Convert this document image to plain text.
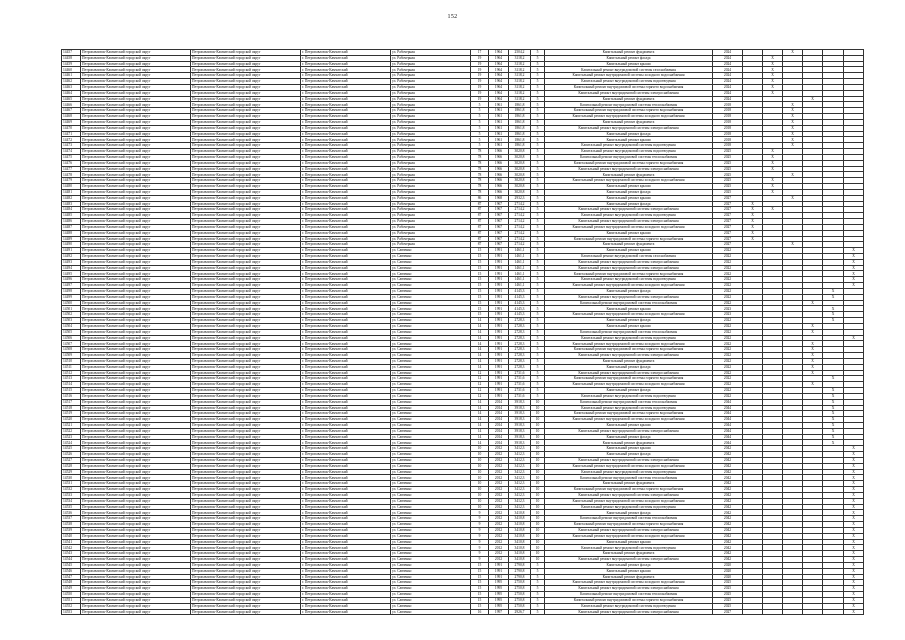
152
14457	Петропавловск-Камчатский городской округ	Петропавловск-Камчатский городской округ	г. Петропавловск-Камчатский	ул. Рабочерная	17	1964	2504,2	5	Капитальный ремонт фундамента	2024			X			
14458	Петропавловск-Камчатский городской округ	Петропавловск-Камчатский городской округ	г. Петропавловск-Камчатский	ул. Рабочерная	19	1964	3118,2	5	Капитальный ремонт фасада	2024		X				
14459	Петропавловск-Камчатский городской округ	Петропавловск-Камчатский городской округ	г. Петропавловск-Камчатский	ул. Рабочерная	19	1964	3118,2	5	Капитальный ремонт крыши	2024		X				
14460	Петропавловск-Камчатский городской округ	Петропавловск-Камчатский городской округ	г. Петропавловск-Камчатский	ул. Рабочерная	19	1964	3118,2	5	Капитальный ремонт внутридомовой системы газоснабжения	2024		X				
14461	Петропавловск-Камчатский городской округ	Петропавловск-Камчатский городской округ	г. Петропавловск-Камчатский	ул. Рабочерная	19	1964	3118,2	5	Капитальный ремонт внутридомовой системы холодного водоснабжения	2024		X				
14462	Петропавловск-Камчатский городской округ	Петропавловск-Камчатский городской округ	г. Петропавловск-Камчатский	ул. Рабочерная	19	1964	3118,2	5	Капитальный ремонт внутридомовой системы водоотведения	2024		X				
14463	Петропавловск-Камчатский городской округ	Петропавловск-Камчатский городской округ	г. Петропавловск-Камчатский	ул. Рабочерная	19	1964	3118,2	5	Капитальный ремонт внутридомовой системы горячего водоснабжения	2024		X				
14464	Петропавловск-Камчатский городской округ	Петропавловск-Камчатский городской округ	г. Петропавловск-Камчатский	ул. Рабочерная	19	1964	3118,2	5	Капитальный ремонт внутридомовой системы электроснабжения	2024		X				
14465	Петропавловск-Камчатский городской округ	Петропавловск-Камчатский городской округ	г. Петропавловск-Камчатский	ул. Рабочерная	19	1964	3118,2	5	Капитальный ремонт фундамента	2024				X		
14466	Петропавловск-Камчатский городской округ	Петропавловск-Камчатский городской округ	г. Петропавловск-Камчатский	ул. Рабочерная	5	1961	1861,8	5	Капитальный ремонт внутридомовой системы теплоснабжения	2018			X			
14467	Петропавловск-Камчатский городской округ	Петропавловск-Камчатский городской округ	г. Петропавловск-Камчатский	ул. Рабочерная	5	1961	1861,8	5	Капитальный ремонт внутридомовой системы горячего водоснабжения	2018			X			
14468	Петропавловск-Камчатский городской округ	Петропавловск-Камчатский городской округ	г. Петропавловск-Камчатский	ул. Рабочерная	5	1961	1861,8	5	Капитальный ремонт внутридомовой системы холодного водоснабжения	2018			X			
14469	Петропавловск-Камчатский городской округ	Петропавловск-Камчатский городской округ	г. Петропавловск-Камчатский	ул. Рабочерная	5	1961	1861,8	5	Капитальный ремонт фундамента	2018			X			
14470	Петропавловск-Камчатский городской округ	Петропавловск-Камчатский городской округ	г. Петропавловск-Камчатский	ул. Рабочерная	5	1961	1861,8	5	Капитальный ремонт внутридомовой системы электроснабжения	2018			X			
14471	Петропавловск-Камчатский городской округ	Петропавловск-Камчатский городской округ	г. Петропавловск-Камчатский	ул. Рабочерная	5	1961	1861,8	5	Капитальный ремонт фасада	2018			X			
14472	Петропавловск-Камчатский городской округ	Петропавловск-Камчатский городской округ	г. Петропавловск-Камчатский	ул. Рабочерная	5	1961	1861,8	5	Капитальный ремонт крыши	2018			X			
14473	Петропавловск-Камчатский городской округ	Петропавловск-Камчатский городской округ	г. Петропавловск-Камчатский	ул. Рабочерная	5	1961	1861,8	5	Капитальный ремонт внутридомовой системы водоотведения	2018			X			
14474	Петропавловск-Камчатский городской округ	Петропавловск-Камчатский городской округ	г. Петропавловск-Камчатский	ул. Рабочерная	78	1966	3020,8	5	Капитальный ремонт внутридомовой системы водоотведения	2025		X				
14475	Петропавловск-Камчатский городской округ	Петропавловск-Камчатский городской округ	г. Петропавловск-Камчатский	ул. Рабочерная	78	1966	3020,8	5	Капитальный ремонт внутридомовой системы теплоснабжения	2025		X				
14476	Петропавловск-Камчатский городской округ	Петропавловск-Камчатский городской округ	г. Петропавловск-Камчатский	ул. Рабочерная	78	1966	3020,8	5	Капитальный ремонт внутридомовой системы горячего водоснабжения	2025		X				
14477	Петропавловск-Камчатский городской округ	Петропавловск-Камчатский городской округ	г. Петропавловск-Камчатский	ул. Рабочерная	78	1966	3020,8	5	Капитальный ремонт внутридомовой системы электроснабжения	2025		X				
14478	Петропавловск-Камчатский городской округ	Петропавловск-Камчатский городской округ	г. Петропавловск-Камчатский	ул. Рабочерная	78	1966	3020,8	5	Капитальный ремонт фундамента	2025			X			
14479	Петропавловск-Камчатский городской округ	Петропавловск-Камчатский городской округ	г. Петропавловск-Камчатский	ул. Рабочерная	78	1966	3020,8	5	Капитальный ремонт внутридомовой системы холодного водоснабжения	2025		X				
14480	Петропавловск-Камчатский городской округ	Петропавловск-Камчатский городской округ	г. Петропавловск-Камчатский	ул. Рабочерная	78	1966	3020,8	5	Капитальный ремонт крыши	2025		X				
14481	Петропавловск-Камчатский городской округ	Петропавловск-Камчатский городской округ	г. Петропавловск-Камчатский	ул. Рабочерная	78	1966	3020,8	5	Капитальный ремонт фасада	2025		X				
14482	Петропавловск-Камчатский городской округ	Петропавловск-Камчатский городской округ	г. Петропавловск-Камчатский	ул. Рабочерная	86	1968	2932,3	5	Капитальный ремонт крыши	2027			X			
14483	Петропавловск-Камчатский городской округ	Петропавловск-Камчатский городской округ	г. Петропавловск-Камчатский	ул. Рабочерная	87	1967	2714,2	5	Капитальный ремонт фасада	2027	X					
14484	Петропавловск-Камчатский городской округ	Петропавловск-Камчатский городской округ	г. Петропавловск-Камчатский	ул. Рабочерная	87	1967	2714,2	5	Капитальный ремонт внутридомовой системы электроснабжения	2027	X	X				
14485	Петропавловск-Камчатский городской округ	Петропавловск-Камчатский городской округ	г. Петропавловск-Камчатский	ул. Рабочерная	87	1967	2714,2	5	Капитальный ремонт внутридомовой системы водоотведения	2027	X					
14486	Петропавловск-Камчатский городской округ	Петропавловск-Камчатский городской округ	г. Петропавловск-Камчатский	ул. Рабочерная	87	1967	2714,2	5	Капитальный ремонт внутридомовой системы электроснабжения	2027	X					
14487	Петропавловск-Камчатский городской округ	Петропавловск-Камчатский городской округ	г. Петропавловск-Камчатский	ул. Рабочерная	87	1967	2714,2	5	Капитальный ремонт внутридомовой системы холодного водоснабжения	2027	X					
14488	Петропавловск-Камчатский городской округ	Петропавловск-Камчатский городской округ	г. Петропавловск-Камчатский	ул. Рабочерная	87	1967	2714,2	5	Капитальный ремонт крыши	2027	X					
14489	Петропавловск-Камчатский городской округ	Петропавловск-Камчатский городской округ	г. Петропавловск-Камчатский	ул. Рабочерная	87	1967	2714,2	5	Капитальный ремонт внутридомовой системы горячего водоснабжения	2027	X					
14490	Петропавловск-Камчатский городской округ	Петропавловск-Камчатский городской округ	г. Петропавловск-Камчатский	ул. Рабочерная	87	1967	2714,2	5	Капитальный ремонт фундамента	2027			X			
14491	Петропавловск-Камчатский городской округ	Петропавловск-Камчатский городской округ	г. Петропавловск-Камчатский	ул. Савченко	15	1991	1461,1	5	Капитальный ремонт крыши	2022						X
14492	Петропавловск-Камчатский городской округ	Петропавловск-Камчатский городской округ	г. Петропавловск-Камчатский	ул. Савченко	15	1991	1461,1	5	Капитальный ремонт внутридомовой системы газоснабжения	2022						X
14493	Петропавловск-Камчатский городской округ	Петропавловск-Камчатский городской округ	г. Петропавловск-Камчатский	ул. Савченко	15	1991	1461,1	5	Капитальный ремонт внутридомовой системы электроснабжения	2022						X
14494	Петропавловск-Камчатский городской округ	Петропавловск-Камчатский городской округ	г. Петропавловск-Камчатский	ул. Савченко	15	1991	1461,1	5	Капитальный ремонт внутридомовой системы электроснабжения	2022						X
14495	Петропавловск-Камчатский городской округ	Петропавловск-Камчатский городской округ	г. Петропавловск-Камчатский	ул. Савченко	15	1991	1461,1	5	Капитальный ремонт внутридомовой системы горячего водоснабжения	2022						X
14496	Петропавловск-Камчатский городской округ	Петропавловск-Камчатский городской округ	г. Петропавловск-Камчатский	ул. Савченко	15	1991	1461,1	5	Капитальный ремонт внутридомовой системы водоотведения	2022						X
14497	Петропавловск-Камчатский городской округ	Петропавловск-Камчатский городской округ	г. Петропавловск-Камчатский	ул. Савченко	15	1991	1461,1	5	Капитальный ремонт внутридомовой системы холодного водоснабжения	2022						X
14498	Петропавловск-Камчатский городской округ	Петропавловск-Камчатский городской округ	г. Петропавловск-Камчатский	ул. Савченко	15	1991	4145,3	5	Капитальный ремонт фасада	2022					X	
14499	Петропавловск-Камчатский городской округ	Петропавловск-Камчатский городской округ	г. Петропавловск-Камчатский	ул. Савченко	15	1991	4145,3	5	Капитальный ремонт внутридомовой системы электроснабжения	2022					X	
14500	Петропавловск-Камчатский городской округ	Петропавловск-Камчатский городской округ	г. Петропавловск-Камчатский	ул. Савченко	15	1991	4145,3	5	Капитальный ремонт внутридомовой системы теплоснабжения	2022				X		
14501	Петропавловск-Камчатский городской округ	Петропавловск-Камчатский городской округ	г. Петропавловск-Камчатский	ул. Савченко	15	1991	4145,3	5	Капитальный ремонт крыши	2023					X	
14502	Петропавловск-Камчатский городской округ	Петропавловск-Камчатский городской округ	г. Петропавловск-Камчатский	ул. Савченко	15	1991	4145,3	5	Капитальный ремонт внутридомовой системы холодного водоснабжения	2023					X	
14503	Петропавловск-Камчатский городской округ	Петропавловск-Камчатский городской округ	г. Петропавловск-Камчатский	ул. Савченко	14	1991	2728,3	5	Капитальный ремонт фасада	2022					X	
14504	Петропавловск-Камчатский городской округ	Петропавловск-Камчатский городской округ	г. Петропавловск-Камчатский	ул. Савченко	14	1991	2728,3	5	Капитальный ремонт крыши	2022				X		
14505	Петропавловск-Камчатский городской округ	Петропавловск-Камчатский городской округ	г. Петропавловск-Камчатский	ул. Савченко	14	1991	2728,3	5	Капитальный ремонт внутридомовой системы теплоснабжения	2022				X		
14506	Петропавловск-Камчатский городской округ	Петропавловск-Камчатский городской округ	г. Петропавловск-Камчатский	ул. Савченко	14	1991	2728,3	5	Капитальный ремонт внутридомовой системы водоотведения	2022						X
14507	Петропавловск-Камчатский городской округ	Петропавловск-Камчатский городской округ	г. Петропавловск-Камчатский	ул. Савченко	14	1991	2728,3	5	Капитальный ремонт внутридомовой системы холодного водоснабжения	2022				X		
14508	Петропавловск-Камчатский городской округ	Петропавловск-Камчатский городской округ	г. Петропавловск-Камчатский	ул. Савченко	14	1991	2728,3	5	Капитальный ремонт внутридомовой системы горячего водоснабжения	2022				X		
14509	Петропавловск-Камчатский городской округ	Петропавловск-Камчатский городской округ	г. Петропавловск-Камчатский	ул. Савченко	14	1991	2728,3	5	Капитальный ремонт внутридомовой системы электроснабжения	2022				X		
14510	Петропавловск-Камчатский городской округ	Петропавловск-Камчатский городской округ	г. Петропавловск-Камчатский	ул. Савченко	14	1991	2728,3	5	Капитальный ремонт фундамента	2022				X		
14511	Петропавловск-Камчатский городской округ	Петропавловск-Камчатский городской округ	г. Петропавловск-Камчатский	ул. Савченко	14	1991	2728,3	5	Капитальный ремонт фасада	2022				X		
14512	Петропавловск-Камчатский городской округ	Петропавловск-Камчатский городской округ	г. Петропавловск-Камчатский	ул. Савченко	12	1991	2731,6	5	Капитальный ремонт внутридомовой системы электроснабжения	2022				X		
14513	Петропавловск-Камчатский городской округ	Петропавловск-Камчатский городской округ	г. Петропавловск-Камчатский	ул. Савченко	12	1991	2731,6	5	Капитальный ремонт внутридомовой системы горячего водоснабжения	2022					X	
14514	Петропавловск-Камчатский городской округ	Петропавловск-Камчатский городской округ	г. Петропавловск-Камчатский	ул. Савченко	12	1991	2731,6	5	Капитальный ремонт внутридомовой системы холодного водоснабжения	2022				X		
14515	Петропавловск-Камчатский городской округ	Петропавловск-Камчатский городской округ	г. Петропавловск-Камчатский	ул. Савченко	12	1991	2731,6	5	Капитальный ремонт фасада	2022					X	
14516	Петропавловск-Камчатский городской округ	Петропавловск-Камчатский городской округ	г. Петропавловск-Камчатский	ул. Савченко	12	1991	2731,6	5	Капитальный ремонт внутридомовой системы водоотведения	2022					X	
14517	Петропавловск-Камчатский городской округ	Петропавловск-Камчатский городской округ	г. Петропавловск-Камчатский	ул. Савченко	14	2014	3918,3	10	Капитальный ремонт внутридомовой системы теплоснабжения	2044					X	
14518	Петропавловск-Камчатский городской округ	Петропавловск-Камчатский городской округ	г. Петропавловск-Камчатский	ул. Савченко	14	2014	3918,3	10	Капитальный ремонт внутридомовой системы водоотведения	2044					X	
14519	Петропавловск-Камчатский городской округ	Петропавловск-Камчатский городской округ	г. Петропавловск-Камчатский	ул. Савченко	14	2014	3918,3	10	Капитальный ремонт внутридомовой системы горячего водоснабжения	2044					X	
14520	Петропавловск-Камчатский городской округ	Петропавловск-Камчатский городской округ	г. Петропавловск-Камчатский	ул. Савченко	14	2014	3918,3	10	Капитальный ремонт внутридомовой системы холодного водоснабжения	2044					X	
14521	Петропавловск-Камчатский городской округ	Петропавловск-Камчатский городской округ	г. Петропавловск-Камчатский	ул. Савченко	14	2014	3918,3	10	Капитальный ремонт крыши	2044					X	
14522	Петропавловск-Камчатский городской округ	Петропавловск-Камчатский городской округ	г. Петропавловск-Камчатский	ул. Савченко	14	2014	3918,3	10	Капитальный ремонт внутридомовой системы электроснабжения	2044					X	
14523	Петропавловск-Камчатский городской округ	Петропавловск-Камчатский городской округ	г. Петропавловск-Камчатский	ул. Савченко	14	2014	3918,3	10	Капитальный ремонт фасада	2044					X	
14524	Петропавловск-Камчатский городской округ	Петропавловск-Камчатский городской округ	г. Петропавловск-Камчатский	ул. Савченко	14	2014	3918,3	10	Капитальный ремонт фундамента	2044					X	
14525	Петропавловск-Камчатский городской округ	Петропавловск-Камчатский городской округ	г. Петропавловск-Камчатский	ул. Савченко	10	2012	3412,3	10	Капитальный ремонт крыши	2042						X
14526	Петропавловск-Камчатский городской округ	Петропавловск-Камчатский городской округ	г. Петропавловск-Камчатский	ул. Савченко	10	2012	3412,3	10	Капитальный ремонт фасада	2042						X
14527	Петропавловск-Камчатский городской округ	Петропавловск-Камчатский городской округ	г. Петропавловск-Камчатский	ул. Савченко	10	2012	3412,3	10	Капитальный ремонт внутридомовой системы электроснабжения	2042						X
14528	Петропавловск-Камчатский городской округ	Петропавловск-Камчатский городской округ	г. Петропавловск-Камчатский	ул. Савченко	10	2012	3412,3	10	Капитальный ремонт внутридомовой системы холодного водоснабжения	2042						X
14529	Петропавловск-Камчатский городской округ	Петропавловск-Камчатский городской округ	г. Петропавловск-Камчатский	ул. Савченко	10	2012	3412,3	10	Капитальный ремонт внутридомовой системы водоотведения	2042						X
14530	Петропавловск-Камчатский городской округ	Петропавловск-Камчатский городской округ	г. Петропавловск-Камчатский	ул. Савченко	10	2012	3412,3	10	Капитальный ремонт внутридомовой системы теплоснабжения	2042						X
14531	Петропавловск-Камчатский городской округ	Петропавловск-Камчатский городской округ	г. Петропавловск-Камчатский	ул. Савченко	10	2012	3412,3	10	Капитальный ремонт фундамента	2042						X
14532	Петропавловск-Камчатский городской округ	Петропавловск-Камчатский городской округ	г. Петропавловск-Камчатский	ул. Савченко	10	2012	3412,3	10	Капитальный ремонт внутридомовой системы горячего водоснабжения	2042						X
14533	Петропавловск-Камчатский городской округ	Петропавловск-Камчатский городской округ	г. Петропавловск-Камчатский	ул. Савченко	10	2012	3412,3	10	Капитальный ремонт внутридомовой системы электроснабжения	2042						X
14534	Петропавловск-Камчатский городской округ	Петропавловск-Камчатский городской округ	г. Петропавловск-Камчатский	ул. Савченко	10	2012	3412,3	10	Капитальный ремонт внутридомовой системы холодного водоснабжения	2042						X
14535	Петропавловск-Камчатский городской округ	Петропавловск-Камчатский городской округ	г. Петропавловск-Камчатский	ул. Савченко	10	2012	3412,3	10	Капитальный ремонт внутридомовой системы водоотведения	2042						X
14536	Петропавловск-Камчатский городской округ	Петропавловск-Камчатский городской округ	г. Петропавловск-Камчатский	ул. Савченко	9	2012	3410,8	10	Капитальный ремонт фасада	2042						X
14537	Петропавловск-Камчатский городской округ	Петропавловск-Камчатский городской округ	г. Петропавловск-Камчатский	ул. Савченко	9	2012	3410,8	10	Капитальный ремонт внутридомовой системы теплоснабжения	2042						X
14538	Петропавловск-Камчатский городской округ	Петропавловск-Камчатский городской округ	г. Петропавловск-Камчатский	ул. Савченко	9	2012	3410,8	10	Капитальный ремонт внутридомовой системы горячего водоснабжения	2042						X
14539	Петропавловск-Камчатский городской округ	Петропавловск-Камчатский городской округ	г. Петропавловск-Камчатский	ул. Савченко	9	2012	3410,8	10	Капитальный ремонт внутридомовой системы электроснабжения	2042						X
14540	Петропавловск-Камчатский городской округ	Петропавловск-Камчатский городской округ	г. Петропавловск-Камчатский	ул. Савченко	9	2012	3410,8	10	Капитальный ремонт внутридомовой системы холодного водоснабжения	2042						X
14541	Петропавловск-Камчатский городской округ	Петропавловск-Камчатский городской округ	г. Петропавловск-Камчатский	ул. Савченко	9	2012	3410,8	10	Капитальный ремонт крыши	2042						X
14542	Петропавловск-Камчатский городской округ	Петропавловск-Камчатский городской округ	г. Петропавловск-Камчатский	ул. Савченко	9	2012	3410,8	10	Капитальный ремонт внутридомовой системы водоотведения	2042						X
14543	Петропавловск-Камчатский городской округ	Петропавловск-Камчатский городской округ	г. Петропавловск-Камчатский	ул. Савченко	9	2012	3410,8	10	Капитальный ремонт фундамента	2042						X
14544	Петропавловск-Камчатский городской округ	Петропавловск-Камчатский городской округ	г. Петропавловск-Камчатский	ул. Савченко	9	2012	3410,8	10	Капитальный ремонт внутридомовой системы электроснабжения	2042						X
14545	Петропавловск-Камчатский городской округ	Петропавловск-Камчатский городской округ	г. Петропавловск-Камчатский	ул. Савченко	15	1991	2790,8	5	Капитальный ремонт фасада	2020						X
14546	Петропавловск-Камчатский городской округ	Петропавловск-Камчатский городской округ	г. Петропавловск-Камчатский	ул. Савченко	15	1991	2790,8	5	Капитальный ремонт крыши	2020						X
14547	Петропавловск-Камчатский городской округ	Петропавловск-Камчатский городской округ	г. Петропавловск-Камчатский	ул. Савченко	15	1991	2790,8	5	Капитальный ремонт фундамента	2020						X
14548	Петропавловск-Камчатский городской округ	Петропавловск-Камчатский городской округ	г. Петропавловск-Камчатский	ул. Савченко	15	1995	2750,8	5	Капитальный ремонт внутридомовой системы холодного водоснабжения	2025						X
14549	Петропавловск-Камчатский городской округ	Петропавловск-Камчатский городской округ	г. Петропавловск-Камчатский	ул. Савченко	15	1995	2750,8	5	Капитальный ремонт внутридомовой системы электроснабжения	2025						X
14550	Петропавловск-Камчатский городской округ	Петропавловск-Камчатский городской округ	г. Петропавловск-Камчатский	ул. Савченко	15	1995	2750,8	5	Капитальный ремонт внутридомовой системы теплоснабжения	2025						X
14551	Петропавловск-Камчатский городской округ	Петропавловск-Камчатский городской округ	г. Петропавловск-Камчатский	ул. Савченко	15	1995	2750,8	5	Капитальный ремонт внутридомовой системы горячего водоснабжения	2025						X
14552	Петропавловск-Камчатский городской округ	Петропавловск-Камчатский городской округ	г. Петропавловск-Камчатский	ул. Савченко	15	1995	2750,8	5	Капитальный ремонт внутридомовой системы водоотведения	2025						X
14553	Петропавловск-Камчатский городской округ	Петропавловск-Камчатский городской округ	г. Петропавловск-Камчатский	ул. Савченко	16	1997	2926,7	5	Капитальный ремонт внутридомовой системы электроснабжения	2027						X
